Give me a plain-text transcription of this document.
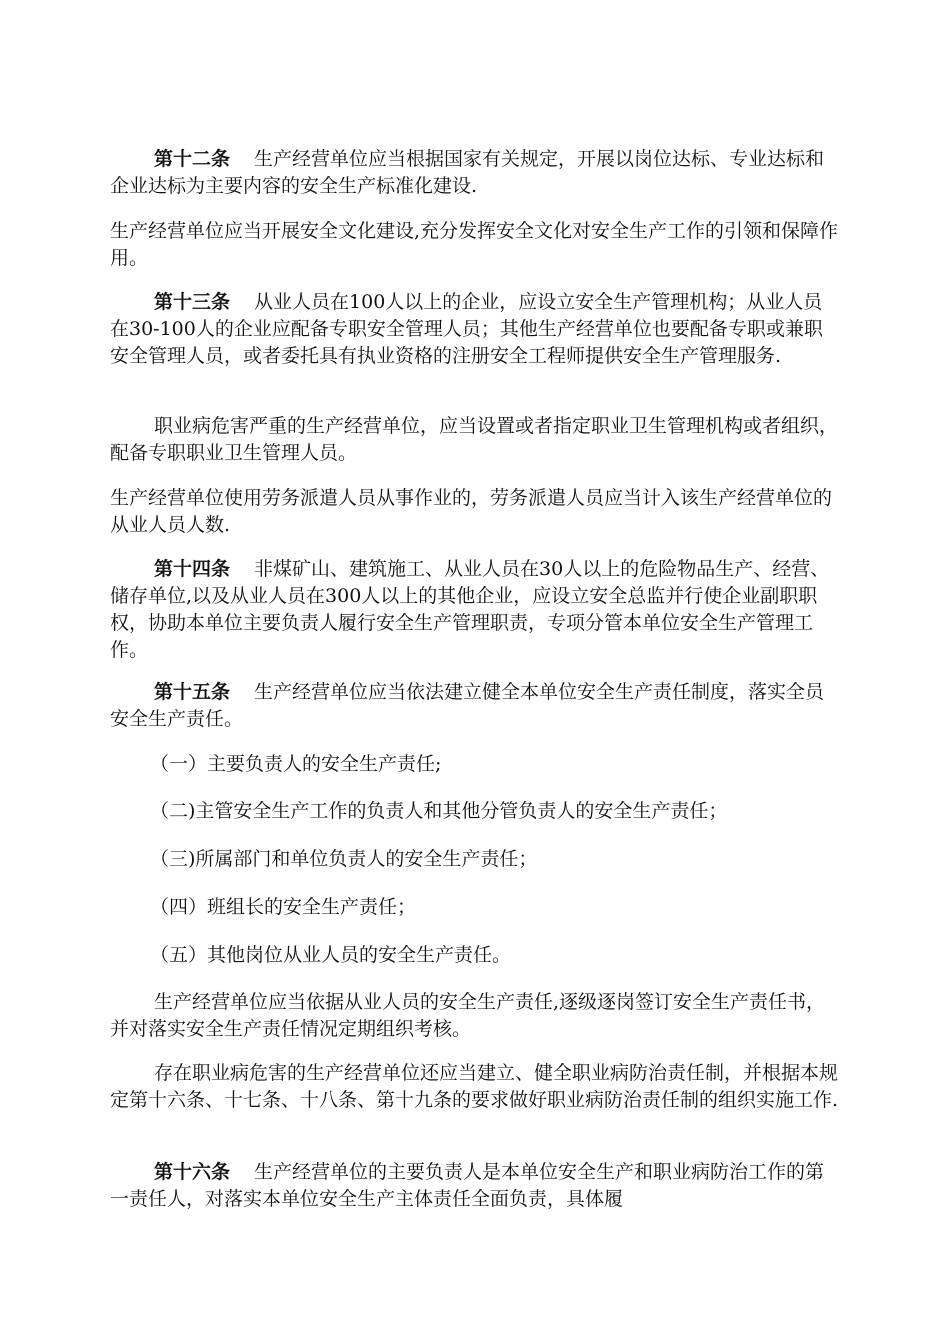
第十二条 生产经营单位应当根据国家有关规定，开展以岗位达标、专业达标和企业达标为主要内容的安全生产标准化建设.

生产经营单位应当开展安全文化建设,充分发挥安全文化对安全生产工作的引领和保障作用。

第十三条 从业人员在100人以上的企业，应设立安全生产管理机构；从业人员在30-100人的企业应配备专职安全管理人员；其他生产经营单位也要配备专职或兼职安全管理人员，或者委托具有执业资格的注册安全工程师提供安全生产管理服务.

职业病危害严重的生产经营单位，应当设置或者指定职业卫生管理机构或者组织，配备专职职业卫生管理人员。

生产经营单位使用劳务派遣人员从事作业的，劳务派遣人员应当计入该生产经营单位的从业人员人数.

第十四条 非煤矿山、建筑施工、从业人员在30人以上的危险物品生产、经营、储存单位,以及从业人员在300人以上的其他企业，应设立安全总监并行使企业副职职权，协助本单位主要负责人履行安全生产管理职责，专项分管本单位安全生产管理工作。

第十五条 生产经营单位应当依法建立健全本单位安全生产责任制度，落实全员安全生产责任。

（一）主要负责人的安全生产责任;

（二)主管安全生产工作的负责人和其他分管负责人的安全生产责任；

（三)所属部门和单位负责人的安全生产责任；

（四）班组长的安全生产责任；

（五）其他岗位从业人员的安全生产责任。

生产经营单位应当依据从业人员的安全生产责任,逐级逐岗签订安全生产责任书，并对落实安全生产责任情况定期组织考核。

存在职业病危害的生产经营单位还应当建立、健全职业病防治责任制，并根据本规定第十六条、十七条、十八条、第十九条的要求做好职业病防治责任制的组织实施工作.

第十六条 生产经营单位的主要负责人是本单位安全生产和职业病防治工作的第一责任人，对落实本单位安全生产主体责任全面负责，具体履
